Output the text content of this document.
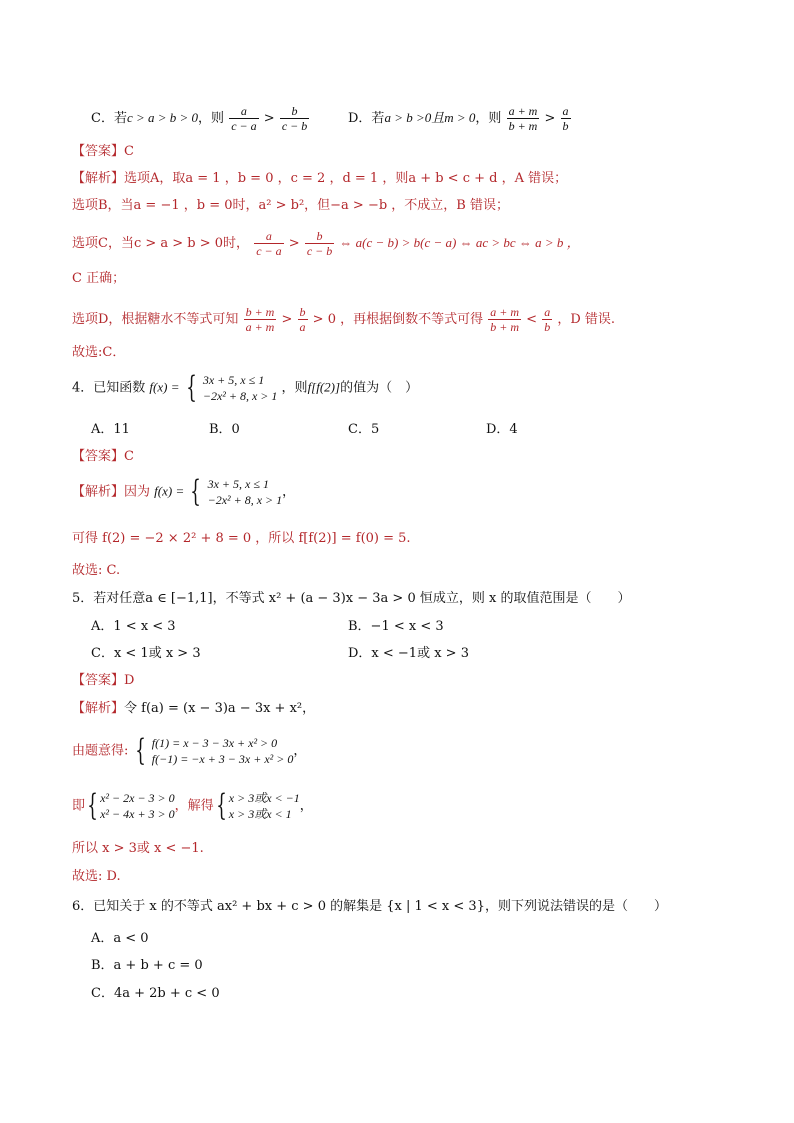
C．若c > a > b > 0，则 $\frac{a}{c - a} > \frac{b}{c - b}$	D．若a > b >0且m > 0，则 $\frac{a + m}{b + m} > \frac{a}{b}$
【答案】C
【解析】选项A，取a = 1 ，b = 0 ，c = 2 ，d = 1 ，则a + b < c + d ，A 错误；
选项B，当a = −1 ，b = 0时，a² > b²，但−a > −b ，不成立，B 错误；
选项C，当c > a > b > 0时， $\frac{a}{c - a} > \frac{b}{c - b}$ ⇔ a(c − b) > b(c − a) ⇔ ac > bc ⇔ a > b ，
C 正确；
选项D，根据糖水不等式可知 $\frac{b + m}{a + m} > \frac{b}{a} > 0$ ，再根据倒数不等式可得 $\frac{a + m}{b + m} < \frac{a}{b}$ ，D 错误.
故选:C．
4．已知函数 f(x) = { 3x + 5, x ≤ 1
−2x² + 8, x > 1
，则f[f(2)]的值为（　）
A．11	B．0	C．5	D．4
【答案】C
【解析】因为 f(x) = { 3x + 5, x ≤ 1
−2x² + 8, x > 1
，
可得 f(2) = −2 × 2² + 8 = 0 ，所以 f[f(2)] = f(0) = 5.
故选: C.
5．若对任意a ∈ [−1,1]，不等式 x² + (a − 3)x − 3a > 0 恒成立，则 x 的取值范围是（　　）
A．1 < x < 3	B．−1 < x < 3
C．x < 1或 x > 3	D．x < −1或 x > 3
【答案】D
【解析】令 f(a) = (x − 3)a − 3x + x²，
由题意得: { f(1) = x − 3 − 3x + x² > 0
f(−1) = −x + 3 − 3x + x² > 0
，
即{ x² − 2x − 3 > 0
x² − 4x + 3 > 0
，解得{ x > 3或x < −1
x > 3或x < 1
，
所以 x > 3或 x < −1.
故选: D.
6．已知关于 x 的不等式 ax² + bx + c > 0 的解集是 {x | 1 < x < 3}，则下列说法错误的是（　　）
A．a < 0
B．a + b + c = 0
C．4a + 2b + c < 0
